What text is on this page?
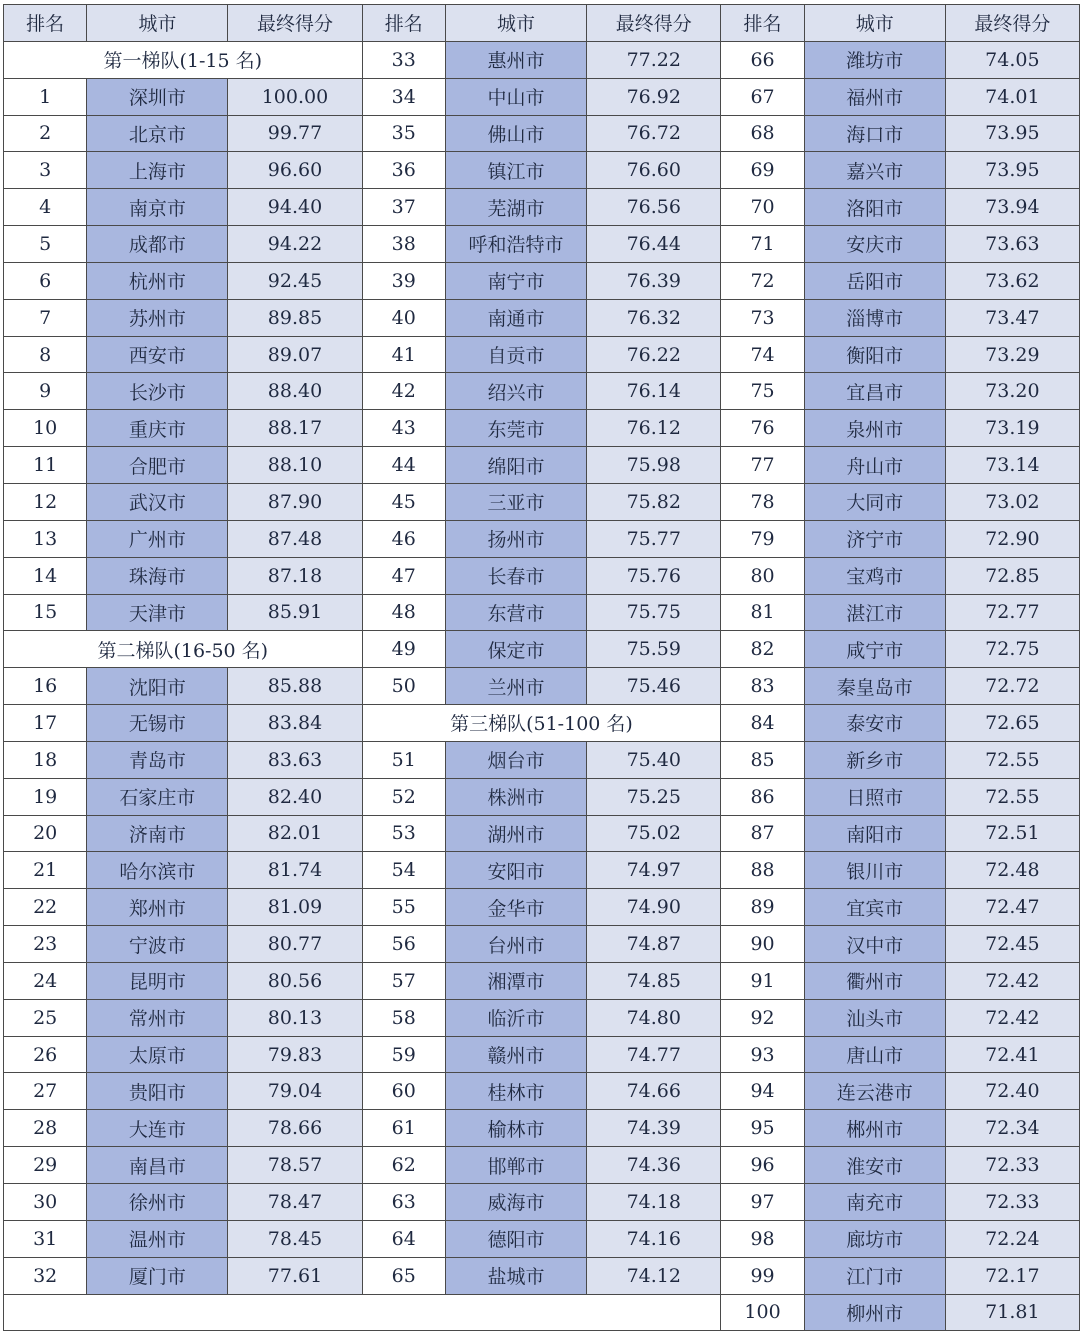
排名	城市	最终得分	排名	城市	最终得分	排名	城市	最终得分
第一梯队(1-15 名)			33	惠州市	77.22	66	潍坊市	74.05
1	深圳市	100.00	34	中山市	76.92	67	福州市	74.01
2	北京市	99.77	35	佛山市	76.72	68	海口市	73.95
3	上海市	96.60	36	镇江市	76.60	69	嘉兴市	73.95
4	南京市	94.40	37	芜湖市	76.56	70	洛阳市	73.94
5	成都市	94.22	38	呼和浩特市	76.44	71	安庆市	73.63
6	杭州市	92.45	39	南宁市	76.39	72	岳阳市	73.62
7	苏州市	89.85	40	南通市	76.32	73	淄博市	73.47
8	西安市	89.07	41	自贡市	76.22	74	衡阳市	73.29
9	长沙市	88.40	42	绍兴市	76.14	75	宜昌市	73.20
10	重庆市	88.17	43	东莞市	76.12	76	泉州市	73.19
11	合肥市	88.10	44	绵阳市	75.98	77	舟山市	73.14
12	武汉市	87.90	45	三亚市	75.82	78	大同市	73.02
13	广州市	87.48	46	扬州市	75.77	79	济宁市	72.90
14	珠海市	87.18	47	长春市	75.76	80	宝鸡市	72.85
15	天津市	85.91	48	东营市	75.75	81	湛江市	72.77
第二梯队(16-50 名)			49	保定市	75.59	82	咸宁市	72.75
16	沈阳市	85.88	50	兰州市	75.46	83	秦皇岛市	72.72
17	无锡市	83.84	第三梯队(51-100 名)			84	泰安市	72.65
18	青岛市	83.63	51	烟台市	75.40	85	新乡市	72.55
19	石家庄市	82.40	52	株洲市	75.25	86	日照市	72.55
20	济南市	82.01	53	湖州市	75.02	87	南阳市	72.51
21	哈尔滨市	81.74	54	安阳市	74.97	88	银川市	72.48
22	郑州市	81.09	55	金华市	74.90	89	宜宾市	72.47
23	宁波市	80.77	56	台州市	74.87	90	汉中市	72.45
24	昆明市	80.56	57	湘潭市	74.85	91	衢州市	72.42
25	常州市	80.13	58	临沂市	74.80	92	汕头市	72.42
26	太原市	79.83	59	赣州市	74.77	93	唐山市	72.41
27	贵阳市	79.04	60	桂林市	74.66	94	连云港市	72.40
28	大连市	78.66	61	榆林市	74.39	95	郴州市	72.34
29	南昌市	78.57	62	邯郸市	74.36	96	淮安市	72.33
30	徐州市	78.47	63	威海市	74.18	97	南充市	72.33
31	温州市	78.45	64	德阳市	74.16	98	廊坊市	72.24
32	厦门市	77.61	65	盐城市	74.12	99	江门市	72.17
						100	柳州市	71.81
